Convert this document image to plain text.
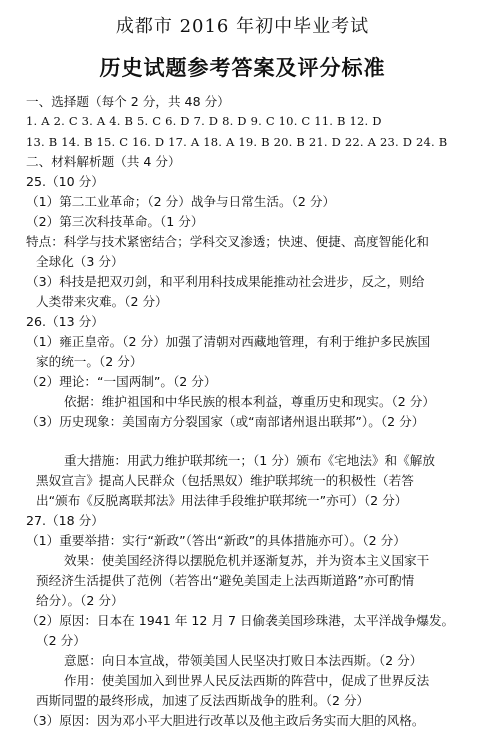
成都市 2016 年初中毕业考试
历史试题参考答案及评分标准
一、选择题（每个 2 分，共 48 分）
1. A 2. C 3. A 4. B 5. C 6. D 7. D 8. D 9. C 10. C 11. B 12. D
13. B 14. B 15. C 16. D 17. A 18. A 19. B 20. B 21. D 22. A 23. D 24. B
二、材料解析题（共 4 分）
25.（10 分）
（1）第二工业革命；（2 分）战争与日常生活。（2 分）
（2）第三次科技革命。（1 分）
特点：科学与技术紧密结合；学科交叉渗透；快速、便捷、高度智能化和
全球化（3 分）
（3）科技是把双刃剑，和平利用科技成果能推动社会进步，反之，则给
人类带来灾难。（2 分）
26.（13 分）
（1）雍正皇帝。（2 分）加强了清朝对西藏地管理，有利于维护多民族国
家的统一。（2 分）
（2）理论：“一国两制”。（2 分）
依据：维护祖国和中华民族的根本利益，尊重历史和现实。（2 分）
（3）历史现象：美国南方分裂国家（或“南部诸州退出联邦”）。（2 分）
重大措施：用武力维护联邦统一；（1 分）颁布《宅地法》和《解放
黑奴宣言》提高人民群众（包括黑奴）维护联邦统一的积极性（若答
出“颁布《反脱离联邦法》用法律手段维护联邦统一”亦可）（2 分）
27.（18 分）
（1）重要举措：实行“新政”（答出“新政”的具体措施亦可）。（2 分）
效果：使美国经济得以摆脱危机并逐渐复苏，并为资本主义国家干
预经济生活提供了范例（若答出“避免美国走上法西斯道路”亦可酌情
给分）。（2 分）
（2）原因：日本在 1941 年 12 月 7 日偷袭美国珍珠港，太平洋战争爆发。
（2 分）
意愿：向日本宣战，带领美国人民坚决打败日本法西斯。（2 分）
作用：使美国加入到世界人民反法西斯的阵营中，促成了世界反法
西斯同盟的最终形成，加速了反法西斯战争的胜利。（2 分）
（3）原因：因为邓小平大胆进行改革以及他主政后务实而大胆的风格。
